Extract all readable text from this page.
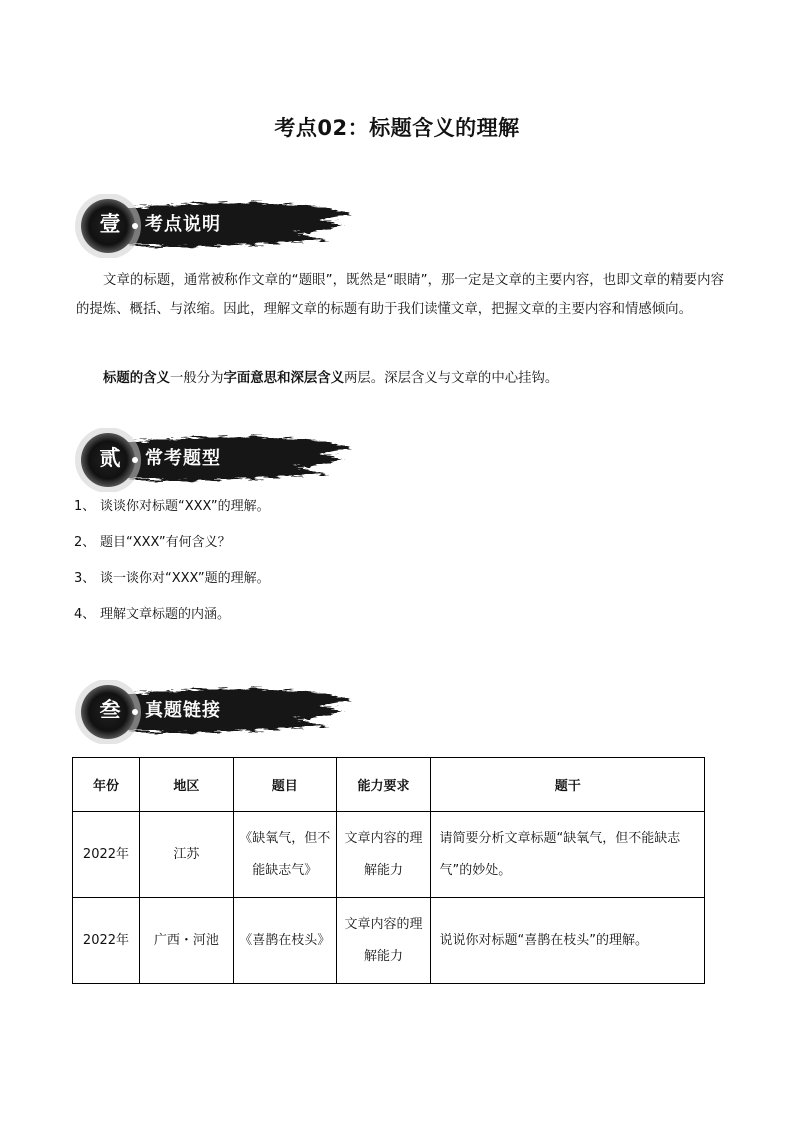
考点02：标题含义的理解
壹	考点说明
文章的标题，通常被称作文章的“题眼”，既然是“眼睛”，那一定是文章的主要内容，也即文章的精要内容的提炼、概括、与浓缩。因此，理解文章的标题有助于我们读懂文章，把握文章的主要内容和情感倾向。
标题的含义一般分为字面意思和深层含义两层。深层含义与文章的中心挂钩。
贰	常考题型
1、 谈谈你对标题“XXX”的理解。
2、 题目“XXX”有何含义？
3、 谈一谈你对“XXX”题的理解。
4、 理解文章标题的内涵。
叁	真题链接
年份	地区	题目	能力要求	题干
2022年	江苏	《缺氧气，但不能缺志气》	文章内容的理解能力	请简要分析文章标题“缺氧气，但不能缺志气”的妙处。
2022年	广西・河池	《喜鹊在枝头》	文章内容的理解能力	说说你对标题“喜鹊在枝头”的理解。
